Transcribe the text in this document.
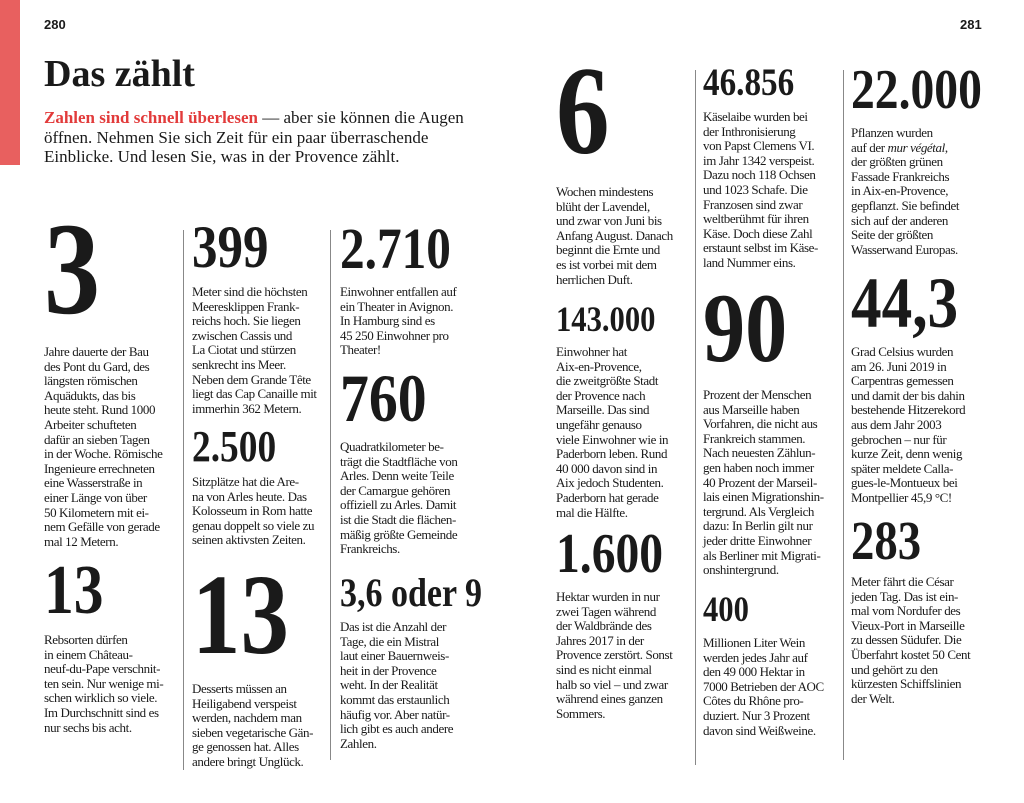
280	281
Das zählt
Zahlen sind schnell überlesen — aber sie können die Augen öffnen. Nehmen Sie sich Zeit für ein paar überraschende Einblicke. Und lesen Sie, was in der Provence zählt.
3
Jahre dauerte der Bau
des Pont du Gard, des
längsten römischen
Aquädukts, das bis
heute steht. Rund 1000
Arbeiter schufteten
dafür an sieben Tagen
in der Woche. Römische
Ingenieure errechneten
eine Wasserstraße in
einer Länge von über
50 Kilometern mit ei-
nem Gefälle von gerade
mal 12 Metern.
13
Rebsorten dürfen
in einem Château-
neuf-du-Pape verschnit-
ten sein. Nur wenige mi-
schen wirklich so viele.
Im Durchschnitt sind es
nur sechs bis acht.
399
Meter sind die höchsten
Meeresklippen Frank-
reichs hoch. Sie liegen
zwischen Cassis und
La Ciotat und stürzen
senkrecht ins Meer.
Neben dem Grande Tête
liegt das Cap Canaille mit
immerhin 362 Metern.
2.500
Sitzplätze hat die Are-
na von Arles heute. Das
Kolosseum in Rom hatte
genau doppelt so viele zu
seinen aktivsten Zeiten.
13
Desserts müssen an
Heiligabend verspeist
werden, nachdem man
sieben vegetarische Gän-
ge genossen hat. Alles
andere bringt Unglück.
2.710
Einwohner entfallen auf
ein Theater in Avignon.
In Hamburg sind es
45 250 Einwohner pro
Theater!
760
Quadratkilometer be-
trägt die Stadtfläche von
Arles. Denn weite Teile
der Camargue gehören
offiziell zu Arles. Damit
ist die Stadt die flächen-
mäßig größte Gemeinde
Frankreichs.
3,6 oder 9
Das ist die Anzahl der
Tage, die ein Mistral
laut einer Bauernweis-
heit in der Provence
weht. In der Realität
kommt das erstaunlich
häufig vor. Aber natür-
lich gibt es auch andere
Zahlen.
6
Wochen mindestens
blüht der Lavendel,
und zwar von Juni bis
Anfang August. Danach
beginnt die Ernte und
es ist vorbei mit dem
herrlichen Duft.
143.000
Einwohner hat
Aix-en-Provence,
die zweitgrößte Stadt
der Provence nach
Marseille. Das sind
ungefähr genauso
viele Einwohner wie in
Paderborn leben. Rund
40 000 davon sind in
Aix jedoch Studenten.
Paderborn hat gerade
mal die Hälfte.
1.600
Hektar wurden in nur
zwei Tagen während
der Waldbrände des
Jahres 2017 in der
Provence zerstört. Sonst
sind es nicht einmal
halb so viel – und zwar
während eines ganzen
Sommers.
46.856
Käselaibe wurden bei
der Inthronisierung
von Papst Clemens VI.
im Jahr 1342 verspeist.
Dazu noch 118 Ochsen
und 1023 Schafe. Die
Franzosen sind zwar
weltberühmt für ihren
Käse. Doch diese Zahl
erstaunt selbst im Käse-
land Nummer eins.
90
Prozent der Menschen
aus Marseille haben
Vorfahren, die nicht aus
Frankreich stammen.
Nach neuesten Zählun-
gen haben noch immer
40 Prozent der Marseil-
lais einen Migrationshin-
tergrund. Als Vergleich
dazu: In Berlin gilt nur
jeder dritte Einwohner
als Berliner mit Migrati-
onshintergrund.
400
Millionen Liter Wein
werden jedes Jahr auf
den 49 000 Hektar in
7000 Betrieben der AOC
Côtes du Rhône pro-
duziert. Nur 3 Prozent
davon sind Weißweine.
22.000
Pflanzen wurden
auf der mur végétal,
der größten grünen
Fassade Frankreichs
in Aix-en-Provence,
gepflanzt. Sie befindet
sich auf der anderen
Seite der größten
Wasserwand Europas.
44,3
Grad Celsius wurden
am 26. Juni 2019 in
Carpentras gemessen
und damit der bis dahin
bestehende Hitzerekord
aus dem Jahr 2003
gebrochen – nur für
kurze Zeit, denn wenig
später meldete Calla-
gues-le-Montueux bei
Montpellier 45,9 °C!
283
Meter fährt die César
jeden Tag. Das ist ein-
mal vom Nordufer des
Vieux-Port in Marseille
zu dessen Südufer. Die
Überfahrt kostet 50 Cent
und gehört zu den
kürzesten Schiffslinien
der Welt.
